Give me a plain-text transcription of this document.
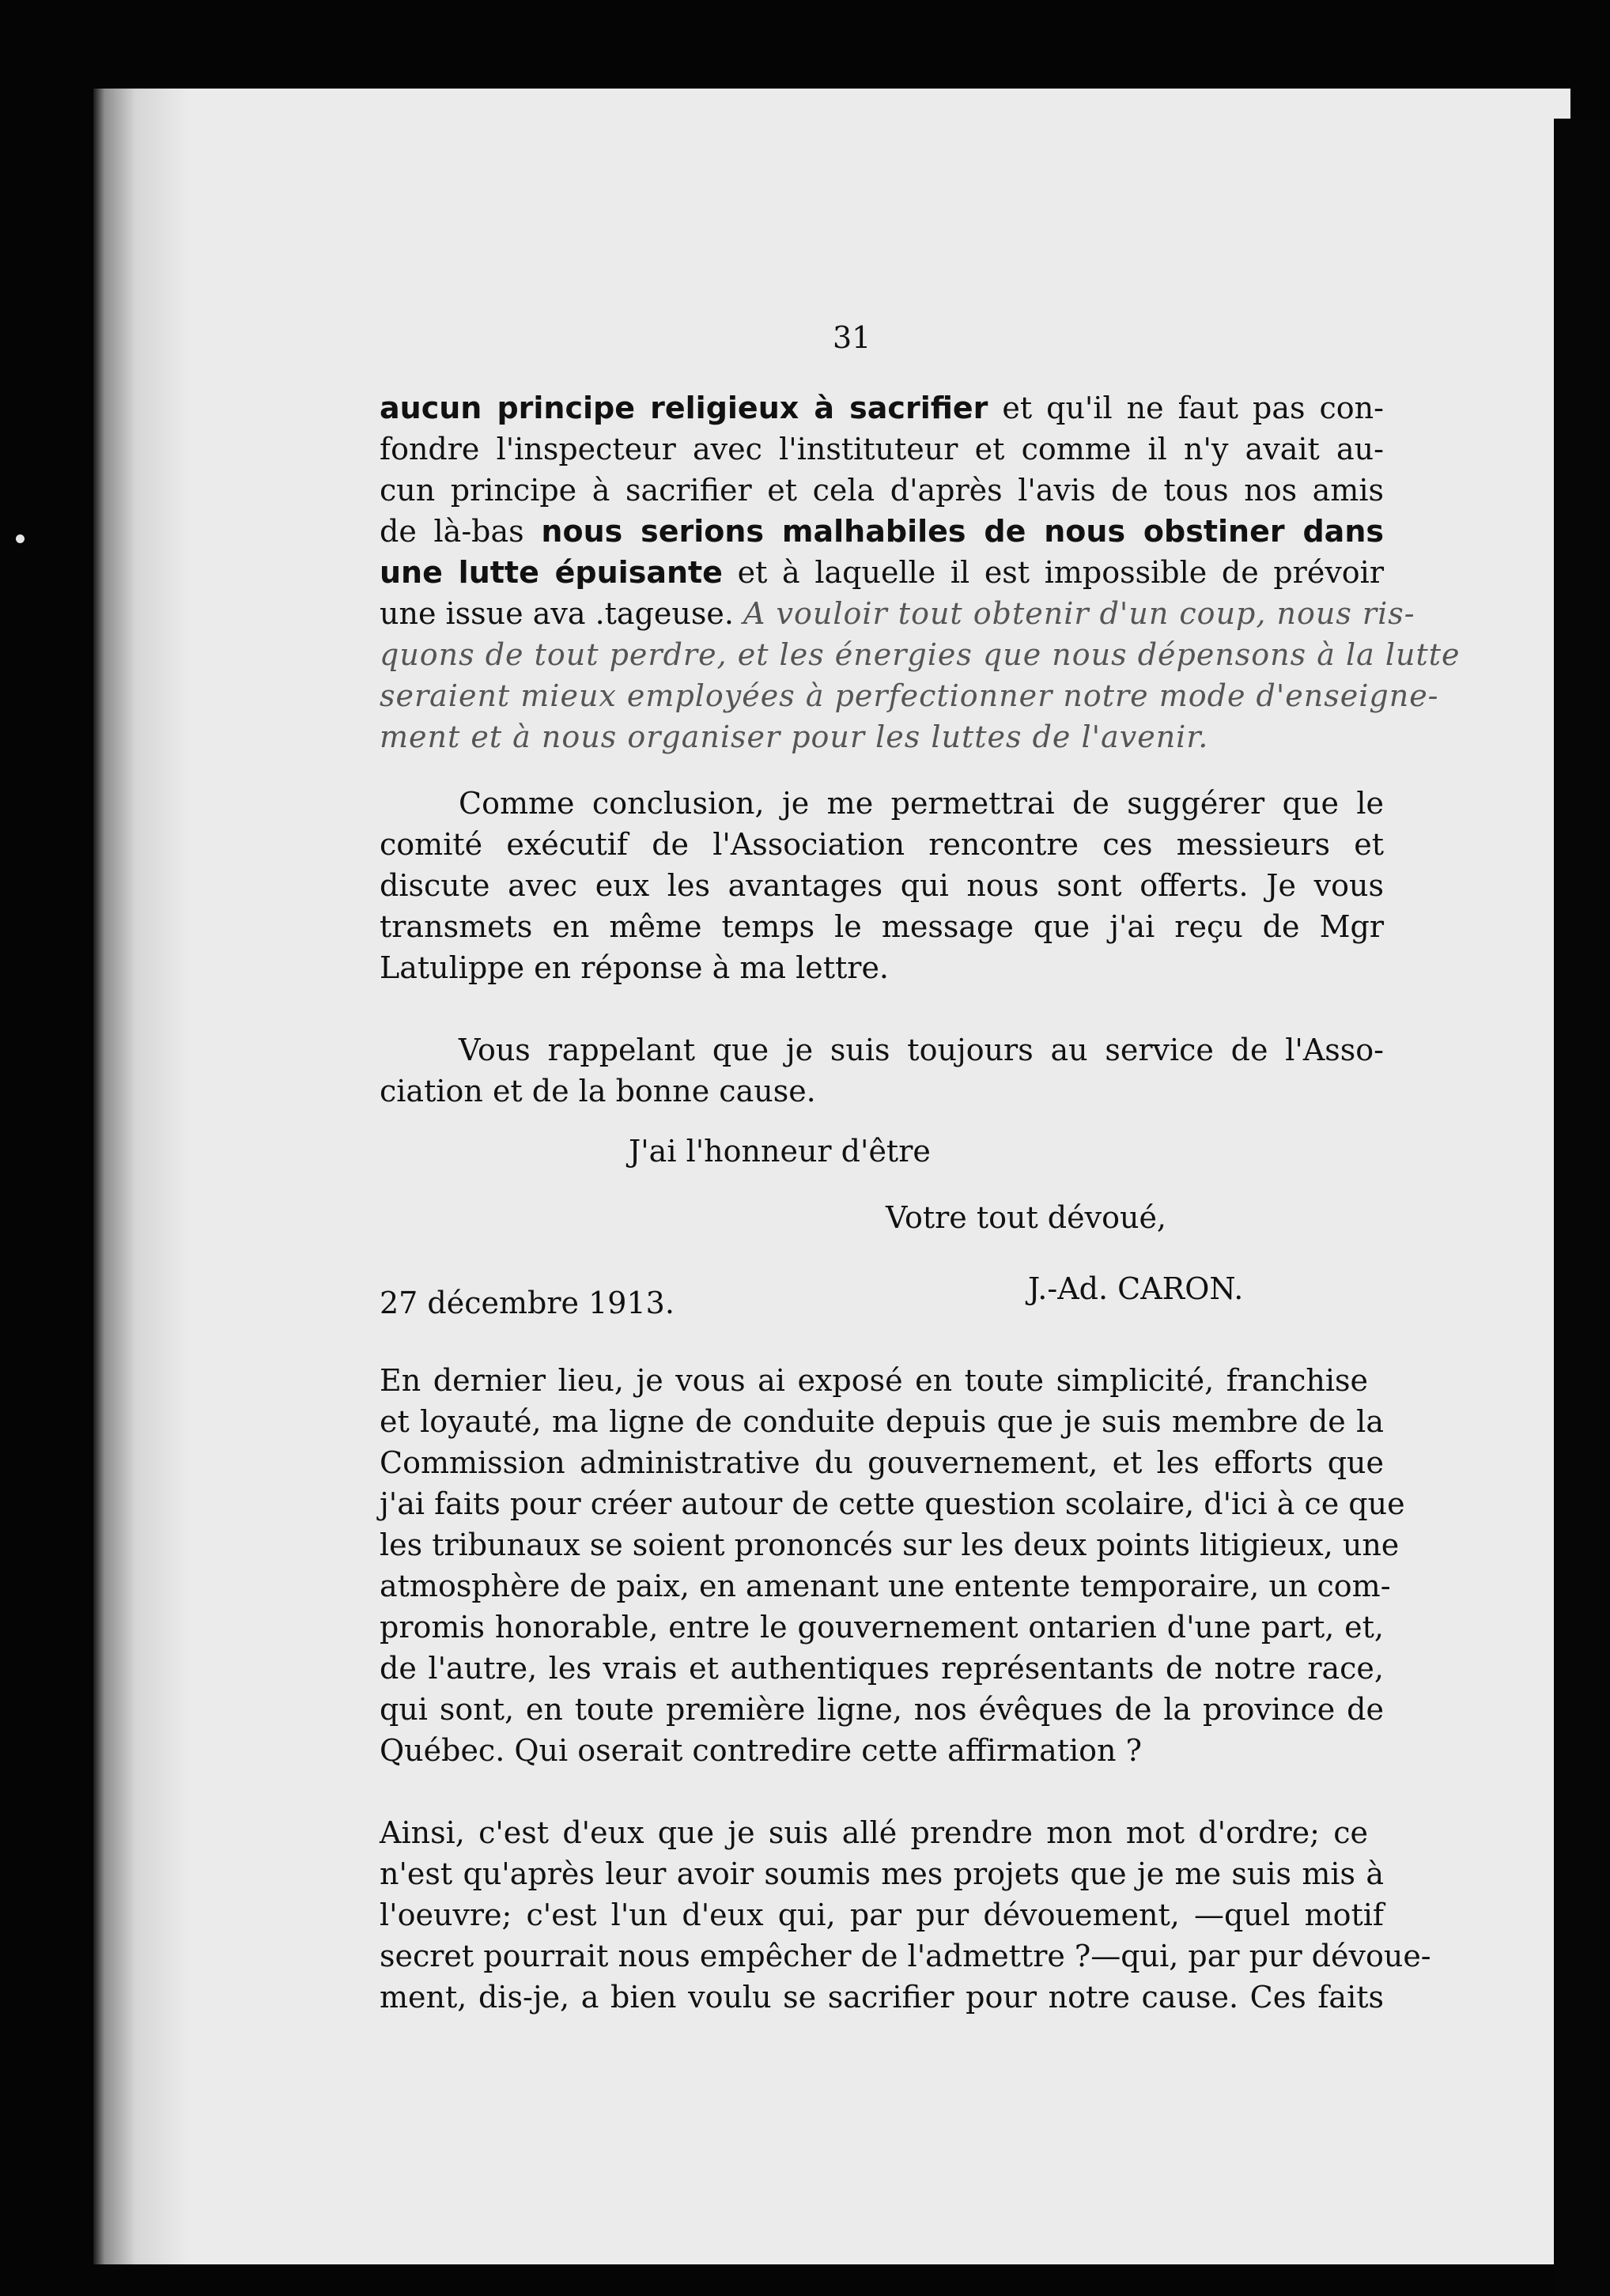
31
aucun principe religieux à sacrifier et qu'il ne faut pas con-
fondre l'inspecteur avec l'instituteur et comme il n'y avait au-
cun principe à sacrifier et cela d'après l'avis de tous nos amis
de là-bas nous serions malhabiles de nous obstiner dans
une lutte épuisante et à laquelle il est impossible de prévoir
une issue ava .tageuse. A vouloir tout obtenir d'un coup, nous ris-
quons de tout perdre, et les énergies que nous dépensons à la lutte
seraient mieux employées à perfectionner notre mode d'enseigne-
ment et à nous organiser pour les luttes de l'avenir.
Comme conclusion, je me permettrai de suggérer que le
comité exécutif de l'Association rencontre ces messieurs et
discute avec eux les avantages qui nous sont offerts. Je vous
transmets en même temps le message que j'ai reçu de Mgr
Latulippe en réponse à ma lettre.
Vous rappelant que je suis toujours au service de l'Asso-
ciation et de la bonne cause.
J'ai l'honneur d'être
Votre tout dévoué,
J.-Ad. CARON.
27 décembre 1913.
En dernier lieu, je vous ai exposé en toute simplicité, franchise
et loyauté, ma ligne de conduite depuis que je suis membre de la
Commission administrative du gouvernement, et les efforts que
j'ai faits pour créer autour de cette question scolaire, d'ici à ce que
les tribunaux se soient prononcés sur les deux points litigieux, une
atmosphère de paix, en amenant une entente temporaire, un com-
promis honorable, entre le gouvernement ontarien d'une part, et,
de l'autre, les vrais et authentiques représentants de notre race,
qui sont, en toute première ligne, nos évêques de la province de
Québec. Qui oserait contredire cette affirmation ?
Ainsi, c'est d'eux que je suis allé prendre mon mot d'ordre; ce
n'est qu'après leur avoir soumis mes projets que je me suis mis à
l'oeuvre; c'est l'un d'eux qui, par pur dévouement, —quel motif
secret pourrait nous empêcher de l'admettre ?—qui, par pur dévoue-
ment, dis-je, a bien voulu se sacrifier pour notre cause. Ces faits
